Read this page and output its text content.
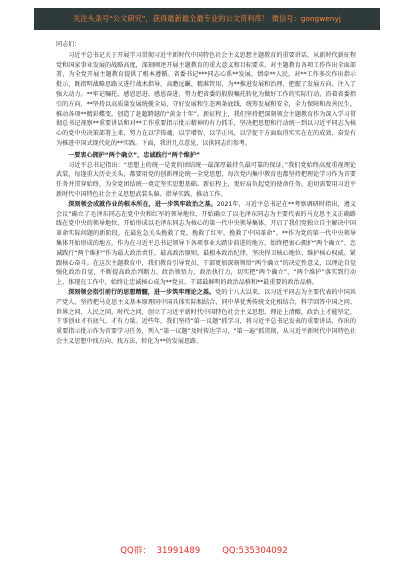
关注头条号"公文研究"，获得最新最全最专业的公文资料库！ 微信号：gongwenyj

同志们：

习近平总书记关于开展学习贯彻习近平新时代中国特色社会主义思想主题教育的重要讲话，从新时代新征程党和国家事业发展的战略高度，深刻阐述开展主题教育的重大意义和目标要求，对主题教育各项工作作出全面部署，为全党开展主题教育提供了根本遵循。省委书记***同志心系**发展、情牵**人民，对**工作多次作出指示批示，既指明战略思路又进行战术指导，高瞻远瞩、精准管用，为**推进发展和治理、把握了发展方向、注入了强大动力。**牢记嘱托、感恩思进、感恩奋进，努力把省委的殷殷嘱托转化为做好工作的实际行动，沿着省委指引的方向，**坚持以高质量发展统揽全局，守好发展和生态两条底线，统筹发展和安全，全力保障和改善民生，推动各项**精彩蝶变。创造了赶超跨越的“黄金十年”。新征程上，我们坚持把深刻领会主题教育作为深入学习贯彻总书记视察**重要讲话和对**工作重要指示批示精神的有力抓手，坚决把思想和行动统一到以习近平同志为核心的党中央决策部署上来，努力在以学铸魂、以学增智、以学正风、以学促干方面取得实实在在的成效，奋发有为推进中国式现代化的**实践。下面，我讲几点意见，以供同志们参考。

一要衷心拥护“两个确立”，忠诚践行“两个维护”

习近平总书记指出：“思想上的统一是党的团结统一最深厚最持久最可靠的保证。”我们党始终高度重视理论武装，每逢重大历史关头，都要用党的创新理论统一全党思想，每次党内集中教育也都坚持把理论学习作为首要任务并贯穿始终，为全党团结统一奠定坚实思想基础。新征程上，更好肩负起党的使命任务，迫切需要用习近平新时代中国特色社会主义思想武装头脑、指导实践、推动工作。

深刻领会成就作业的根本所在，进一步筑牢政治之基。2021年，习近平总书记在**考察调研时指出，遵义会议“确立了毛泽东同志在党中央和红军的领导地位，开始确立了以毛泽东同志为主要代表的马克思主义正确路线在党中央的领导地位，开始形成以毛泽东同志为核心的第一代中央领导集体，开启了我们党独立自主解决中国革命实际问题的新阶段，在最危急关头挽救了党、挽救了红军、挽救了中国革命”。**作为党的第一代中央领导集体开始形成的地方，作为在习近平总书记领导下各项事业大踏步前进的地方，始终把衷心拥护“两个确立”、忠诚践行“两个维护”作为最大政治责任、最高政治原则、最根本政治纪律，坚决捍卫核心地位、维护核心权威、紧跟核心奋斗。在这次主题教育中，我们教育引导党员、干部更加深刻领悟“两个确立”的决定性意义，以理论自觉强化政治自觉，不断提高政治判断力、政治领悟力、政治执行力，切实把“两个确立”、“两个维护”落实到行动上、体现在工作中，始终让忠诚核心成为**党员、干部最鲜明的政治品格和**最重要的政治品格。

深刻领会指引前行的思想精髓，进一步筑牢理论之基。党的十八大以来，以习近平同志为主要代表的中国共产党人，坚持把马克思主义基本原理同中国具体实际相结合、同中华优秀传统文化相结合，科学回答中国之问、世界之问、人民之问、时代之问，创立了习近平新时代中国特色社会主义思想，理论上清醒，政治上才能坚定，干事创业才有底气、才有力量。近些年，我们坚持“第一议题”抓学习，将习近平总书记发表的重要讲话、作出的重要指示批示作为首要学习任务，列入“第一议题”及时传达学习，“第一遍”抓贯彻，从习近平新时代中国特色社会主义思想中找方向、找方法，转化为**的发展思路、

QQ群：  31991489        QQ:535304092
